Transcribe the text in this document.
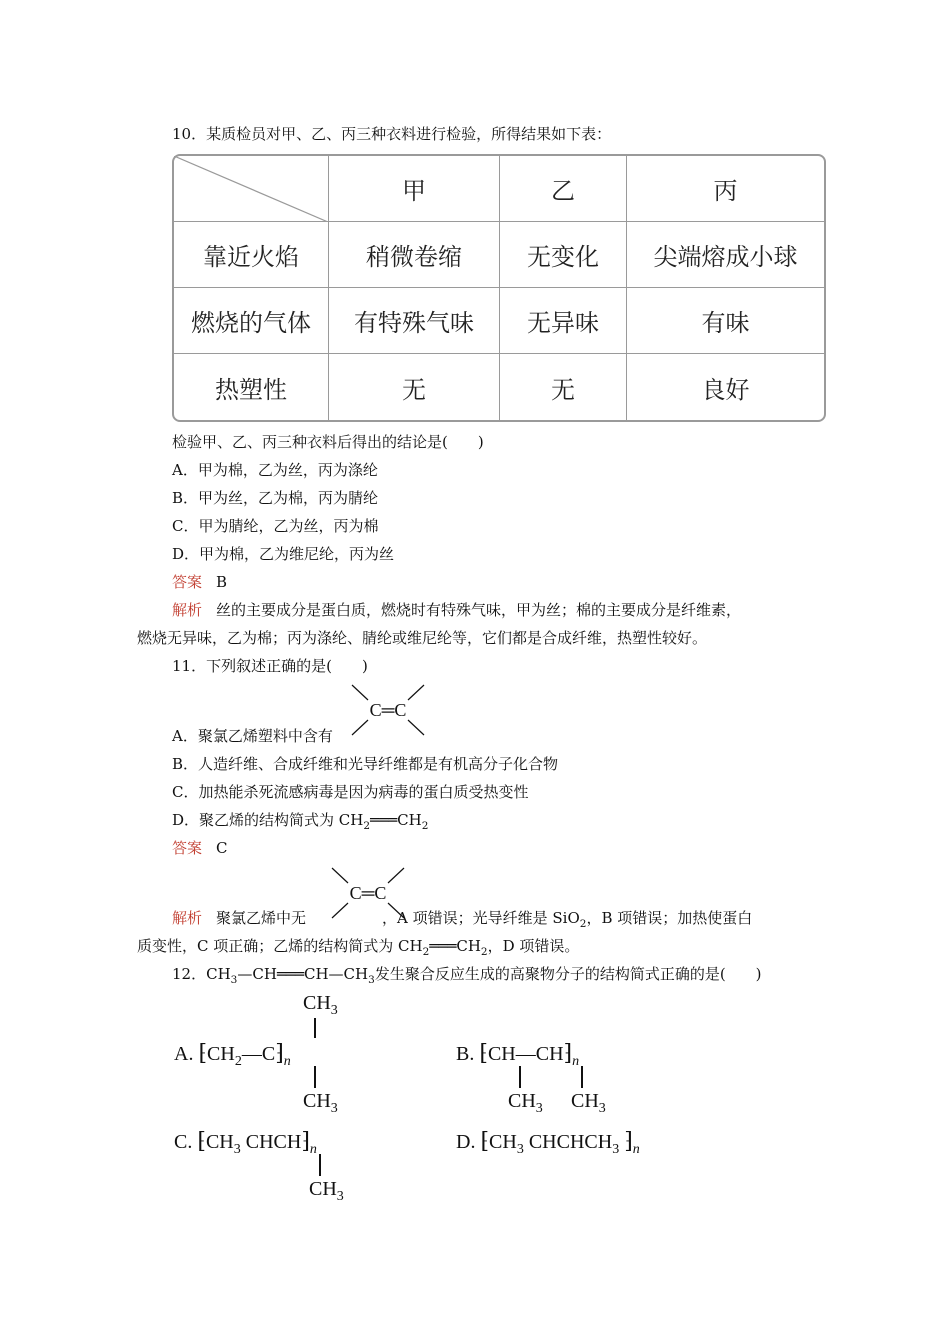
10．某质检员对甲、乙、丙三种衣料进行检验，所得结果如下表：
	甲	乙	丙
靠近火焰	稍微卷缩	无变化	尖端熔成小球
燃烧的气体	有特殊气味	无异味	有味
热塑性	无	无	良好
检验甲、乙、丙三种衣料后得出的结论是(　　)
A．甲为棉，乙为丝，丙为涤纶
B．甲为丝，乙为棉，丙为腈纶
C．甲为腈纶，乙为丝，丙为棉
D．甲为棉，乙为维尼纶，丙为丝
答案 B
解析 丝的主要成分是蛋白质，燃烧时有特殊气味，甲为丝；棉的主要成分是纤维素，
燃烧无异味，乙为棉；丙为涤纶、腈纶或维尼纶等，它们都是合成纤维，热塑性较好。
11．下列叙述正确的是(　　)
C═C
A．聚氯乙烯塑料中含有
B．人造纤维、合成纤维和光导纤维都是有机高分子化合物
C．加热能杀死流感病毒是因为病毒的蛋白质受热变性
D．聚乙烯的结构简式为 $CH_2═══CH_2$
答案 C
C═C
解析 聚氯乙烯中无	，A 项错误；光导纤维是 SiO$_2$，B 项错误；加热使蛋白
质变性，C 项正确；乙烯的结构简式为 $CH_2═══CH_2$，D 项错误。
12．$CH_3—CH═══CH—CH_3$发生聚合反应生成的高聚物分子的结构简式正确的是(　　)
$CH_3$
A. $⁅CH_2—C⁆_n$
$CH_3$
B. $⁅CH—CH⁆_n$
$CH_3$ $CH_3$
C. $⁅CH_3$ $CHCH⁆_n$
$CH_3$
D. $⁅CH_3$ $CHCHCH_3$ $⁆_n$
